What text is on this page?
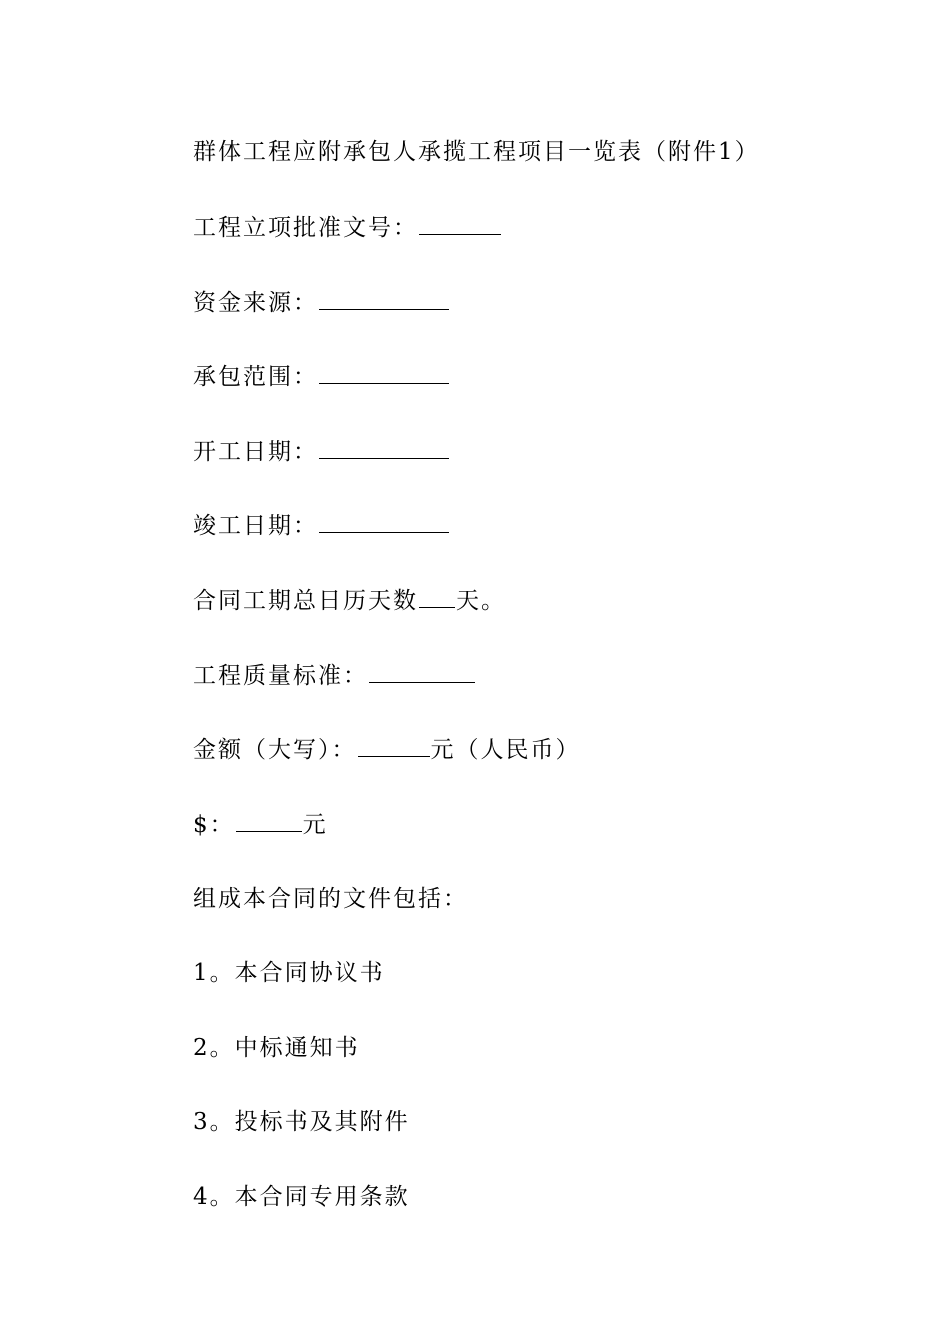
群体工程应附承包人承揽工程项目一览表（附件1）
工程立项批准文号：
资金来源：
承包范围：
开工日期：
竣工日期：
合同工期总日历天数 天。
工程质量标准：
金额（大写）：	元（人民币）
$：	元
组成本合同的文件包括：
1。本合同协议书
2。中标通知书
3。投标书及其附件
4。本合同专用条款
